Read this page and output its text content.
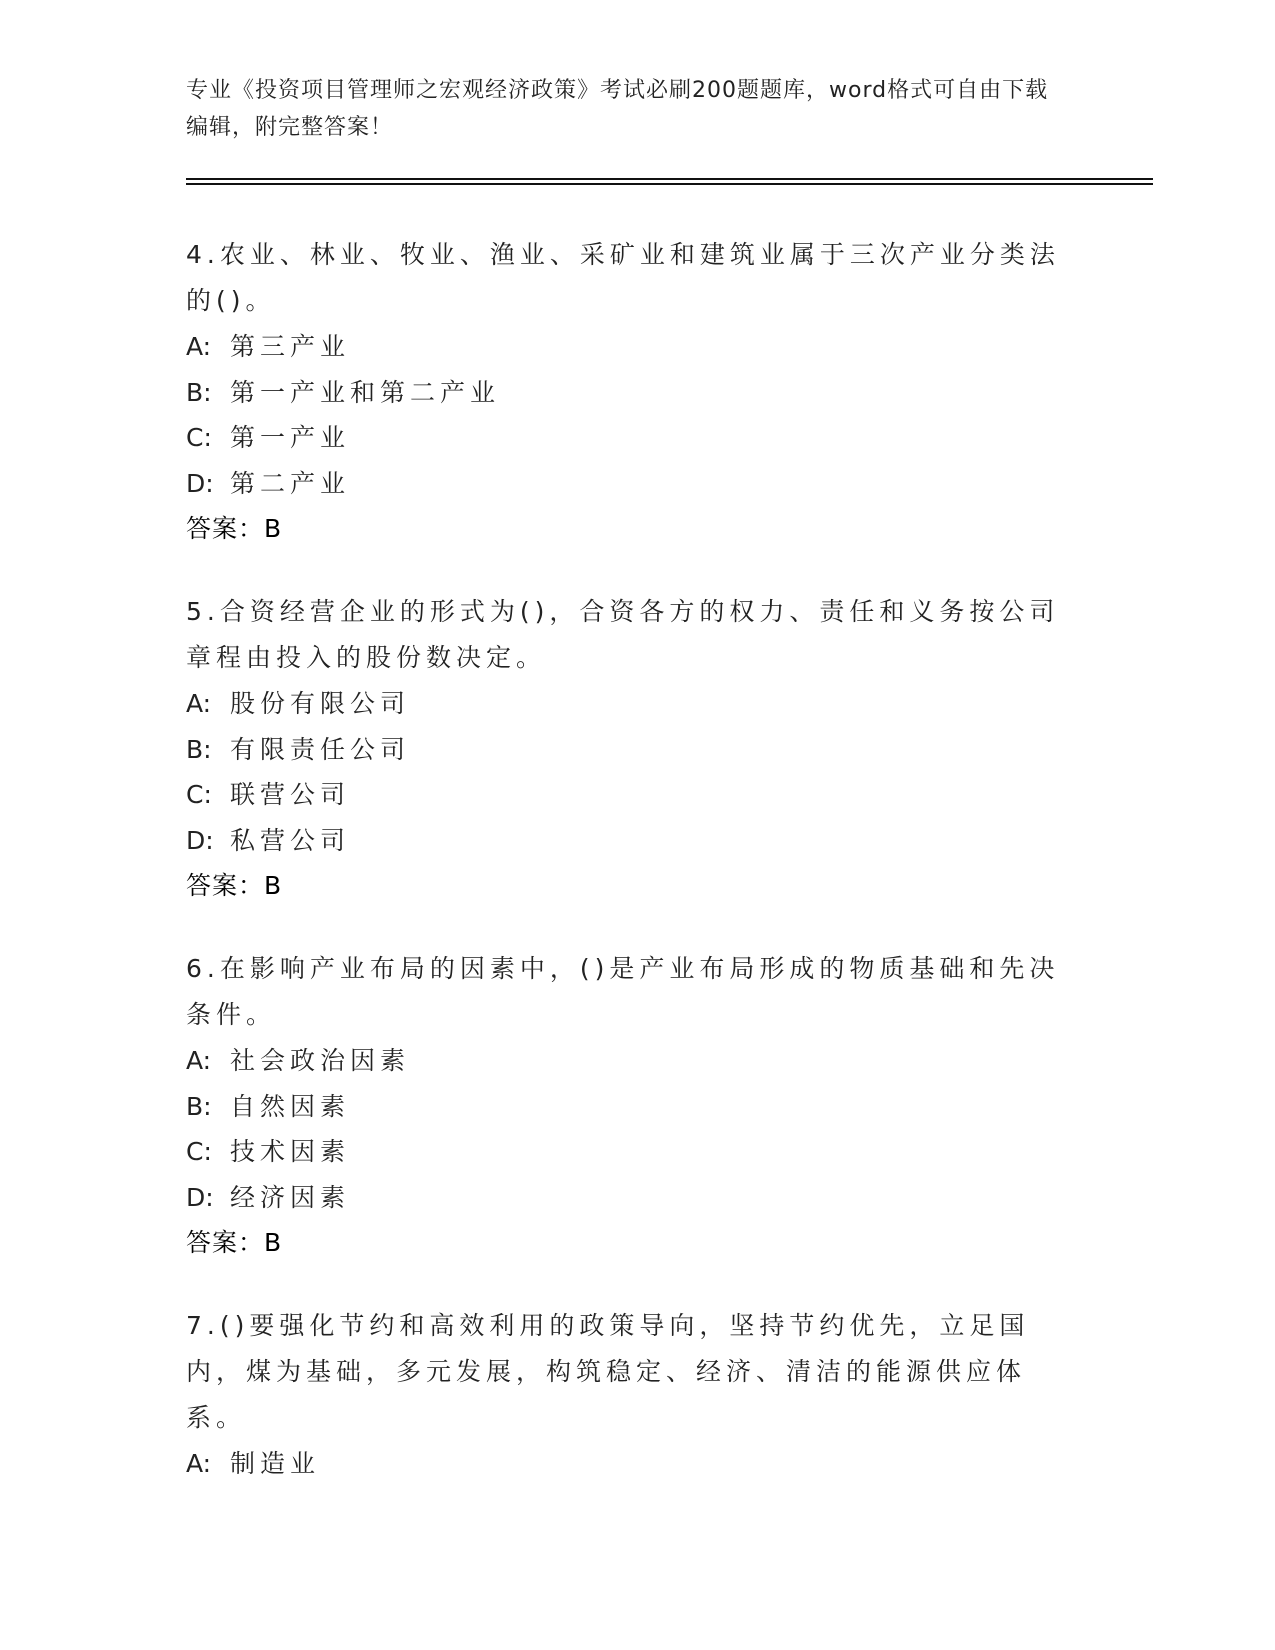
专业《投资项目管理师之宏观经济政策》考试必刷200题题库，word格式可自由下载编辑，附完整答案！
4.农业、林业、牧业、渔业、采矿业和建筑业属于三次产业分类法的()。
A: 第三产业
B: 第一产业和第二产业
C: 第一产业
D: 第二产业
答案：B
5.合资经营企业的形式为()，合资各方的权力、责任和义务按公司章程由投入的股份数决定。
A: 股份有限公司
B: 有限责任公司
C: 联营公司
D: 私营公司
答案：B
6.在影响产业布局的因素中，()是产业布局形成的物质基础和先决条件。
A: 社会政治因素
B: 自然因素
C: 技术因素
D: 经济因素
答案：B
7.()要强化节约和高效利用的政策导向，坚持节约优先，立足国内，煤为基础，多元发展，构筑稳定、经济、清洁的能源供应体系。
A: 制造业
